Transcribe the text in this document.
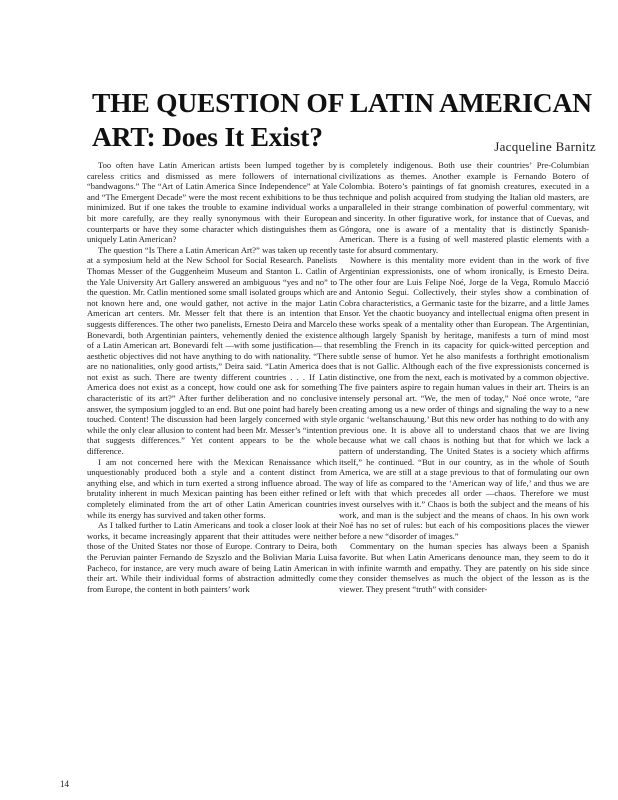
THE QUESTION OF LATIN AMERICAN
ART: Does It Exist?	Jacqueline Barnitz

Too often have Latin American artists been lumped together by careless critics and dismissed as mere followers of international “bandwagons.” The “Art of Latin America Since Independence” at Yale and “The Emergent Decade” were the most recent exhibitions to be thus minimized. But if one takes the trouble to examine individual works a bit more carefully, are they really synonymous with their European counterparts or have they some character which distinguishes them as uniquely Latin American?

The question “Is There a Latin American Art?” was taken up recently at a symposium held at the New School for Social Research. Panelists Thomas Messer of the Guggenheim Museum and Stanton L. Catlin of the Yale University Art Gallery answered an ambiguous “yes and no” to the question. Mr. Catlin mentioned some small isolated groups which are not known here and, one would gather, not active in the major Latin American art centers. Mr. Messer felt that there is an intention that suggests differences. The other two panelists, Ernesto Deira and Marcelo Bonevardi, both Argentinian painters, vehemently denied the existence of a Latin American art. Bonevardi felt —with some justification— that aesthetic objectives did not have anything to do with nationality. “There are no nationalities, only good artists,” Deira said. “Latin America does not exist as such. There are twenty different countries . . . If Latin America does not exist as a concept, how could one ask for something characteristic of its art?” After further deliberation and no conclusive answer, the symposium joggled to an end. But one point had barely been touched. Content! The discussion had been largely concerned with style while the only clear allusion to content had been Mr. Messer’s “intention that suggests differences.” Yet content appears to be the whole difference.

I am not concerned here with the Mexican Renaissance which unquestionably produced both a style and a content distinct from anything else, and which in turn exerted a strong influence abroad. The brutality inherent in much Mexican painting has been either refined or completely eliminated from the art of other Latin American countries while its energy has survived and taken other forms.

As I talked further to Latin Americans and took a closer look at their works, it became increasingly apparent that their attitudes were neither those of the United States nor those of Europe. Contrary to Deira, both the Peruvian painter Fernando de Szyszlo and the Bolivian Maria Luisa Pacheco, for instance, are very much aware of being Latin American in their art. While their individual forms of abstraction admittedly come from Europe, the content in both painters’ work

is completely indigenous. Both use their countries’ Pre-Columbian civilizations as themes. Another example is Fernando Botero of Colombia. Botero’s paintings of fat gnomish creatures, executed in a technique and polish acquired from studying the Italian old masters, are unparalleled in their strange combination of powerful commentary, wit and sincerity. In other figurative work, for instance that of Cuevas, and Góngora, one is aware of a mentality that is distinctly Spanish-American. There is a fusing of well mastered plastic elements with a taste for absurd commentary.

Nowhere is this mentality more evident than in the work of five Argentinian expressionists, one of whom ironically, is Ernesto Deira. The other four are Luis Felipe Noé, Jorge de la Vega, Romulo Macció and Antonio Segui. Collectively, their styles show a combination of Cobra characteristics, a Germanic taste for the bizarre, and a little James Ensor. Yet the chaotic buoyancy and intellectual enigma often present in these works speak of a mentality other than European. The Argentinian, although largely Spanish by heritage, manifests a turn of mind most resembling the French in its capacity for quick-witted perception and subtle sense of humor. Yet he also manifests a forthright emotionalism that is not Gallic. Although each of the five expressionists concerned is distinctive, one from the next, each is motivated by a common objective. The five painters aspire to regain human values in their art. Theirs is an intensely personal art. “We, the men of today,” Noé once wrote, “are creating among us a new order of things and signaling the way to a new organic ‘weltanschauung.’ But this new order has nothing to do with any previous one. It is above all to understand chaos that we are living because what we call chaos is nothing but that for which we lack a pattern of understanding. The United States is a society which affirms itself,” he continued. “But in our country, as in the whole of South America, we are still at a stage previous to that of formulating our own way of life as compared to the ‘American way of life,’ and thus we are left with that which precedes all order —chaos. Therefore we must invest ourselves with it.” Chaos is both the subject and the means of his work, and man is the subject and the means of chaos. In his own work Noé has no set of rules: but each of his compositions places the viewer before a new “disorder of images.”

Commentary on the human species has always been a Spanish favorite. But when Latin Americans denounce man, they seem to do it with infinite warmth and empathy. They are patently on his side since they consider themselves as much the object of the lesson as is the viewer. They present “truth” with consider-

14
